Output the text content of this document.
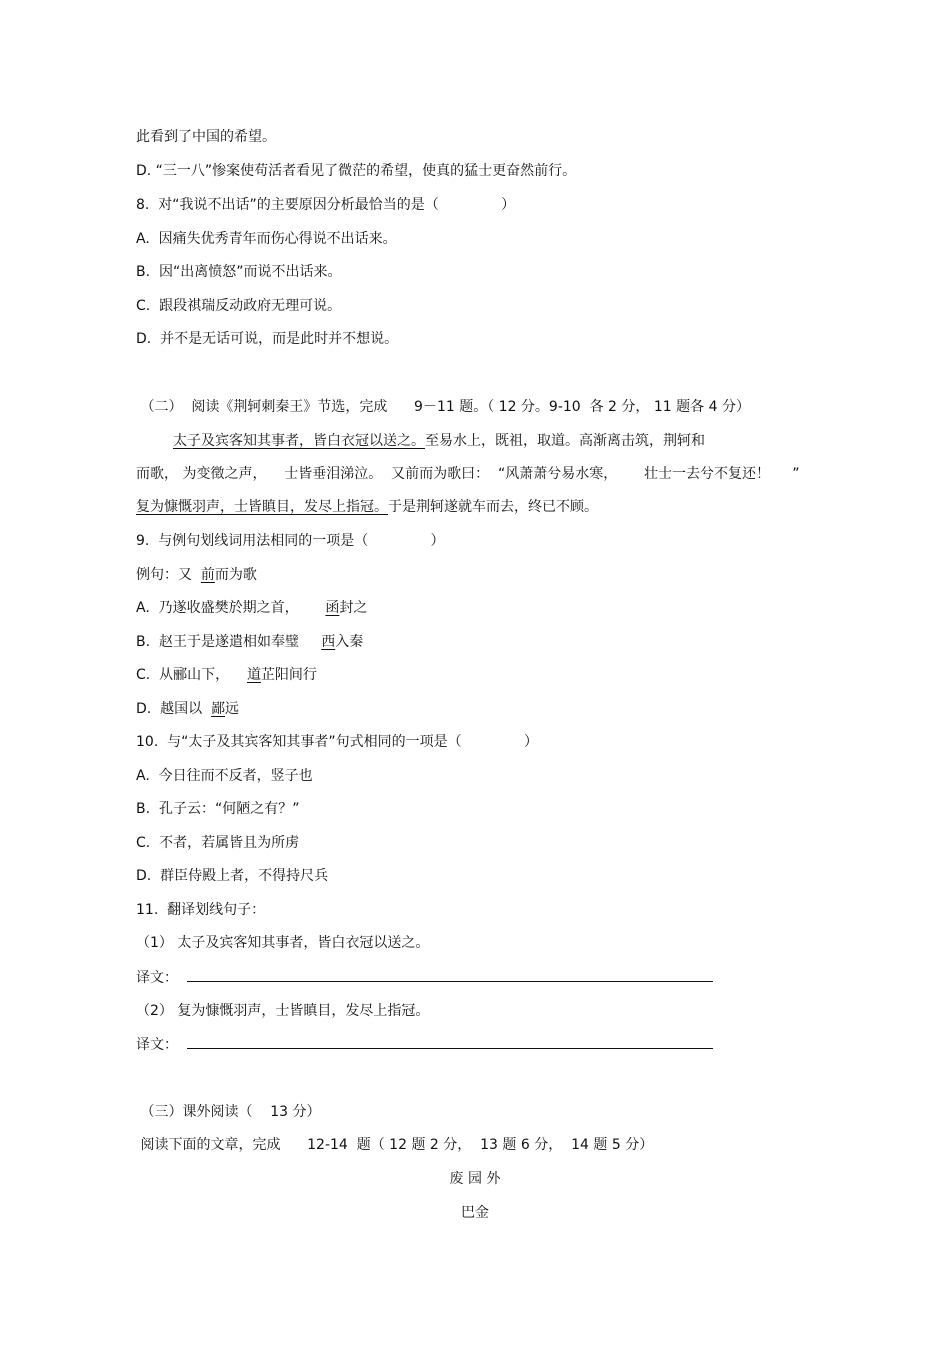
此看到了中国的希望。
D. “三一八”惨案使苟活者看见了微茫的希望，使真的猛士更奋然前行。
8.  对“我说不出话”的主要原因分析最恰当的是（              ）
A.  因痛失优秀青年而伤心得说不出话来。
B.  因“出离愤怒”而说不出话来。
C.  跟段祺瑞反动政府无理可说。
D.  并不是无话可说，而是此时并不想说。
（二）  阅读《荆轲刺秦王》节选，完成      9－11 题。（ 12 分。9-10  各 2 分， 11 题各 4 分）
太子及宾客知其事者，皆白衣冠以送之。至易水上，既祖，取道。高渐离击筑，荆轲和
而歌， 为变徵之声，    士皆垂泪涕泣。  又前而为歌曰：  “风萧萧兮易水寒，      壮士一去兮不复还！     ”
复为慷慨羽声，士皆瞋目，发尽上指冠。于是荆轲遂就车而去，终已不顾。
9.  与例句划线词用法相同的一项是（              ）
例句：又  前而为歌
A.  乃遂收盛樊於期之首，      函封之
B.  赵王于是遂遣相如奉璧     西入秦
C.  从郦山下，    道芷阳间行
D.  越国以  鄙远
10.  与“太子及其宾客知其事者”句式相同的一项是（              ）
A.  今日往而不反者，竖子也
B.  孔子云：“何陋之有？”
C.  不者，若属皆且为所虏
D.  群臣侍殿上者，不得持尺兵
11.  翻译划线句子：
（1） 太子及宾客知其事者，皆白衣冠以送之。
译文：
（2） 复为慷慨羽声，士皆瞋目，发尽上指冠。
译文：
（三）课外阅读（    13 分）
阅读下面的文章，完成      12-14  题（ 12 题 2 分，  13 题 6 分，  14 题 5 分）
废 园 外
巴金
